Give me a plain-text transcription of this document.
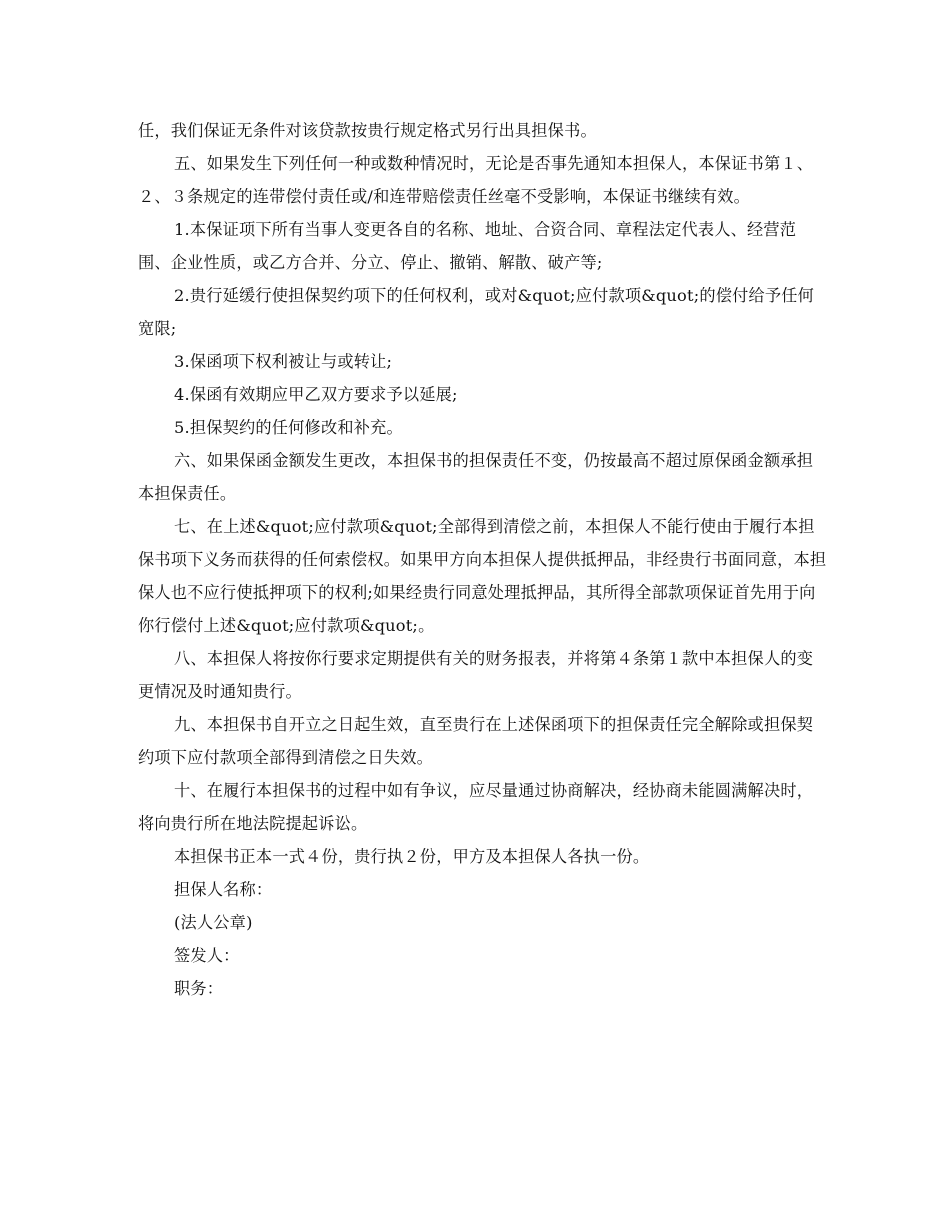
任，我们保证无条件对该贷款按贵行规定格式另行出具担保书。

五、如果发生下列任何一种或数种情况时，无论是否事先通知本担保人，本保证书第１、２、３条规定的连带偿付责任或/和连带赔偿责任丝毫不受影响，本保证书继续有效。

1.本保证项下所有当事人变更各自的名称、地址、合资合同、章程法定代表人、经营范围、企业性质，或乙方合并、分立、停止、撤销、解散、破产等;

2.贵行延缓行使担保契约项下的任何权利，或对&quot;应付款项&quot;的偿付给予任何宽限;

3.保函项下权利被让与或转让;

4.保函有效期应甲乙双方要求予以延展;

5.担保契约的任何修改和补充。

六、如果保函金额发生更改，本担保书的担保责任不变，仍按最高不超过原保函金额承担本担保责任。

七、在上述&quot;应付款项&quot;全部得到清偿之前，本担保人不能行使由于履行本担保书项下义务而获得的任何索偿权。如果甲方向本担保人提供抵押品，非经贵行书面同意，本担保人也不应行使抵押项下的权利;如果经贵行同意处理抵押品，其所得全部款项保证首先用于向你行偿付上述&quot;应付款项&quot;。

八、本担保人将按你行要求定期提供有关的财务报表，并将第４条第１款中本担保人的变更情况及时通知贵行。

九、本担保书自开立之日起生效，直至贵行在上述保函项下的担保责任完全解除或担保契约项下应付款项全部得到清偿之日失效。

十、在履行本担保书的过程中如有争议，应尽量通过协商解决，经协商未能圆满解决时，将向贵行所在地法院提起诉讼。

本担保书正本一式４份，贵行执２份，甲方及本担保人各执一份。

担保人名称：

(法人公章)

签发人：

职务：
